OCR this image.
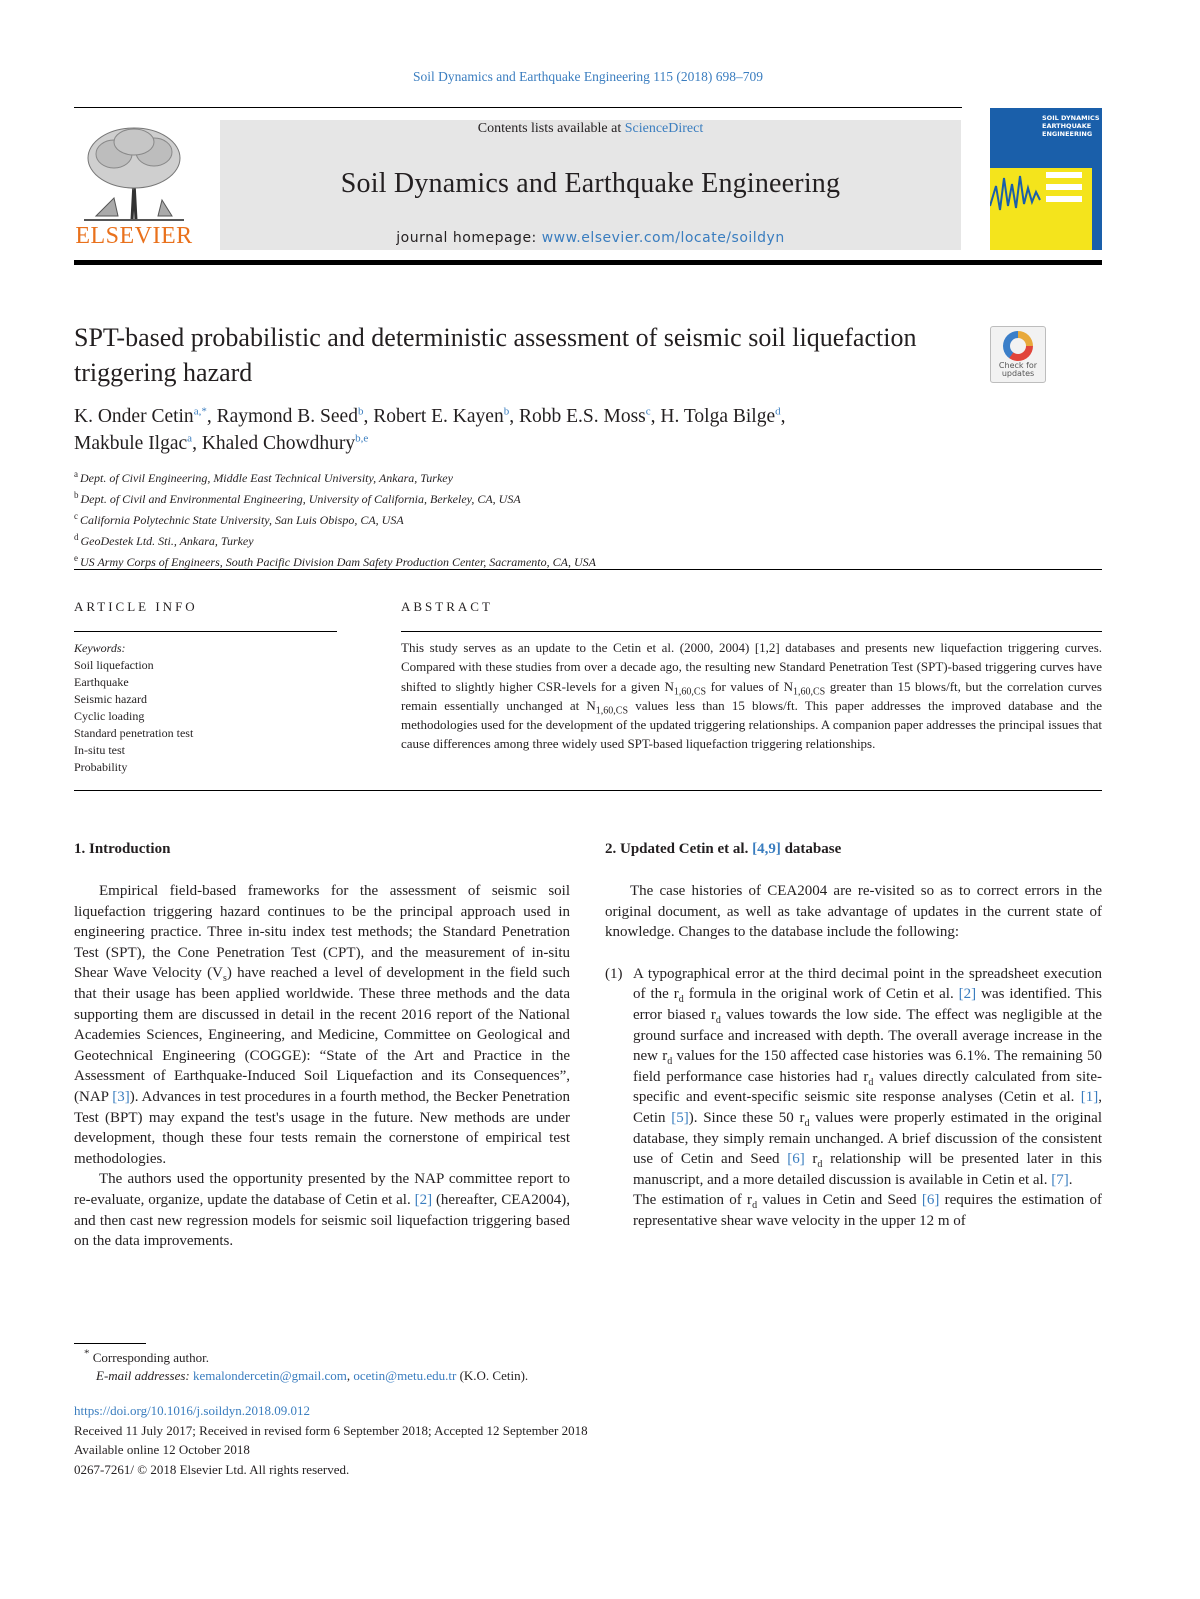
Soil Dynamics and Earthquake Engineering 115 (2018) 698–709
ELSEVIER
Contents lists available at ScienceDirect
Soil Dynamics and Earthquake Engineering
journal homepage: www.elsevier.com/locate/soildyn
SOIL DYNAMICS EARTHQUAKE ENGINEERING
SPT-based probabilistic and deterministic assessment of seismic soil liquefaction triggering hazard	Check for updates
K. Onder Cetin$^{a,*}$, Raymond B. Seed$^b$, Robert E. Kayen$^b$, Robb E.S. Moss$^c$, H. Tolga Bilge$^d$,
Makbule Ilgac$^a$, Khaled Chowdhury$^{b,e}$
$^a$ Dept. of Civil Engineering, Middle East Technical University, Ankara, Turkey
$^b$ Dept. of Civil and Environmental Engineering, University of California, Berkeley, CA, USA
$^c$ California Polytechnic State University, San Luis Obispo, CA, USA
$^d$ GeoDestek Ltd. Sti., Ankara, Turkey
$^e$ US Army Corps of Engineers, South Pacific Division Dam Safety Production Center, Sacramento, CA, USA
ARTICLE INFO
Keywords:
Soil liquefaction
Earthquake
Seismic hazard
Cyclic loading
Standard penetration test
In-situ test
Probability
ABSTRACT
This study serves as an update to the Cetin et al. (2000, 2004) [1,2] databases and presents new liquefaction triggering curves. Compared with these studies from over a decade ago, the resulting new Standard Penetration Test (SPT)-based triggering curves have shifted to slightly higher CSR-levels for a given $N_{1,60,CS}$ for values of $N_{1,60,CS}$ greater than 15 blows/ft, but the correlation curves remain essentially unchanged at $N_{1,60,CS}$ values less than 15 blows/ft. This paper addresses the improved database and the methodologies used for the development of the updated triggering relationships. A companion paper addresses the principal issues that cause differences among three widely used SPT-based liquefaction triggering relationships.
1. Introduction

Empirical field-based frameworks for the assessment of seismic soil liquefaction triggering hazard continues to be the principal approach used in engineering practice. Three in-situ index test methods; the Standard Penetration Test (SPT), the Cone Penetration Test (CPT), and the measurement of in-situ Shear Wave Velocity $(V_s)$ have reached a level of development in the field such that their usage has been applied worldwide. These three methods and the data supporting them are discussed in detail in the recent 2016 report of the National Academies Sciences, Engineering, and Medicine, Committee on Geological and Geotechnical Engineering (COGGE): “State of the Art and Practice in the Assessment of Earthquake-Induced Soil Liquefaction and its Consequences”, (NAP [3]). Advances in test procedures in a fourth method, the Becker Penetration Test (BPT) may expand the test's usage in the future. New methods are under development, though these four tests remain the cornerstone of empirical test methodologies.

The authors used the opportunity presented by the NAP committee report to re-evaluate, organize, update the database of Cetin et al. [2] (hereafter, CEA2004), and then cast new regression models for seismic soil liquefaction triggering based on the data improvements.

2. Updated Cetin et al. [4,9] database

The case histories of CEA2004 are re-visited so as to correct errors in the original document, as well as take advantage of updates in the current state of knowledge. Changes to the database include the following:

(1) A typographical error at the third decimal point in the spreadsheet execution of the $r_d$ formula in the original work of Cetin et al. [2] was identified. This error biased $r_d$ values towards the low side. The effect was negligible at the ground surface and increased with depth. The overall average increase in the new $r_d$ values for the 150 affected case histories was 6.1%. The remaining 50 field performance case histories had $r_d$ values directly calculated from site-specific and event-specific seismic site response analyses (Cetin et al. [1], Cetin [5]). Since these 50 $r_d$ values were properly estimated in the original database, they simply remain unchanged. A brief discussion of the consistent use of Cetin and Seed [6] $r_d$ relationship will be presented later in this manuscript, and a more detailed discussion is available in Cetin et al. [7].

The estimation of $r_d$ values in Cetin and Seed [6] requires the estimation of representative shear wave velocity in the upper 12 m of

* Corresponding author.
E-mail addresses: kemalondercetin@gmail.com, ocetin@metu.edu.tr (K.O. Cetin).
https://doi.org/10.1016/j.soildyn.2018.09.012
Received 11 July 2017; Received in revised form 6 September 2018; Accepted 12 September 2018
Available online 12 October 2018
0267-7261/ © 2018 Elsevier Ltd. All rights reserved.
